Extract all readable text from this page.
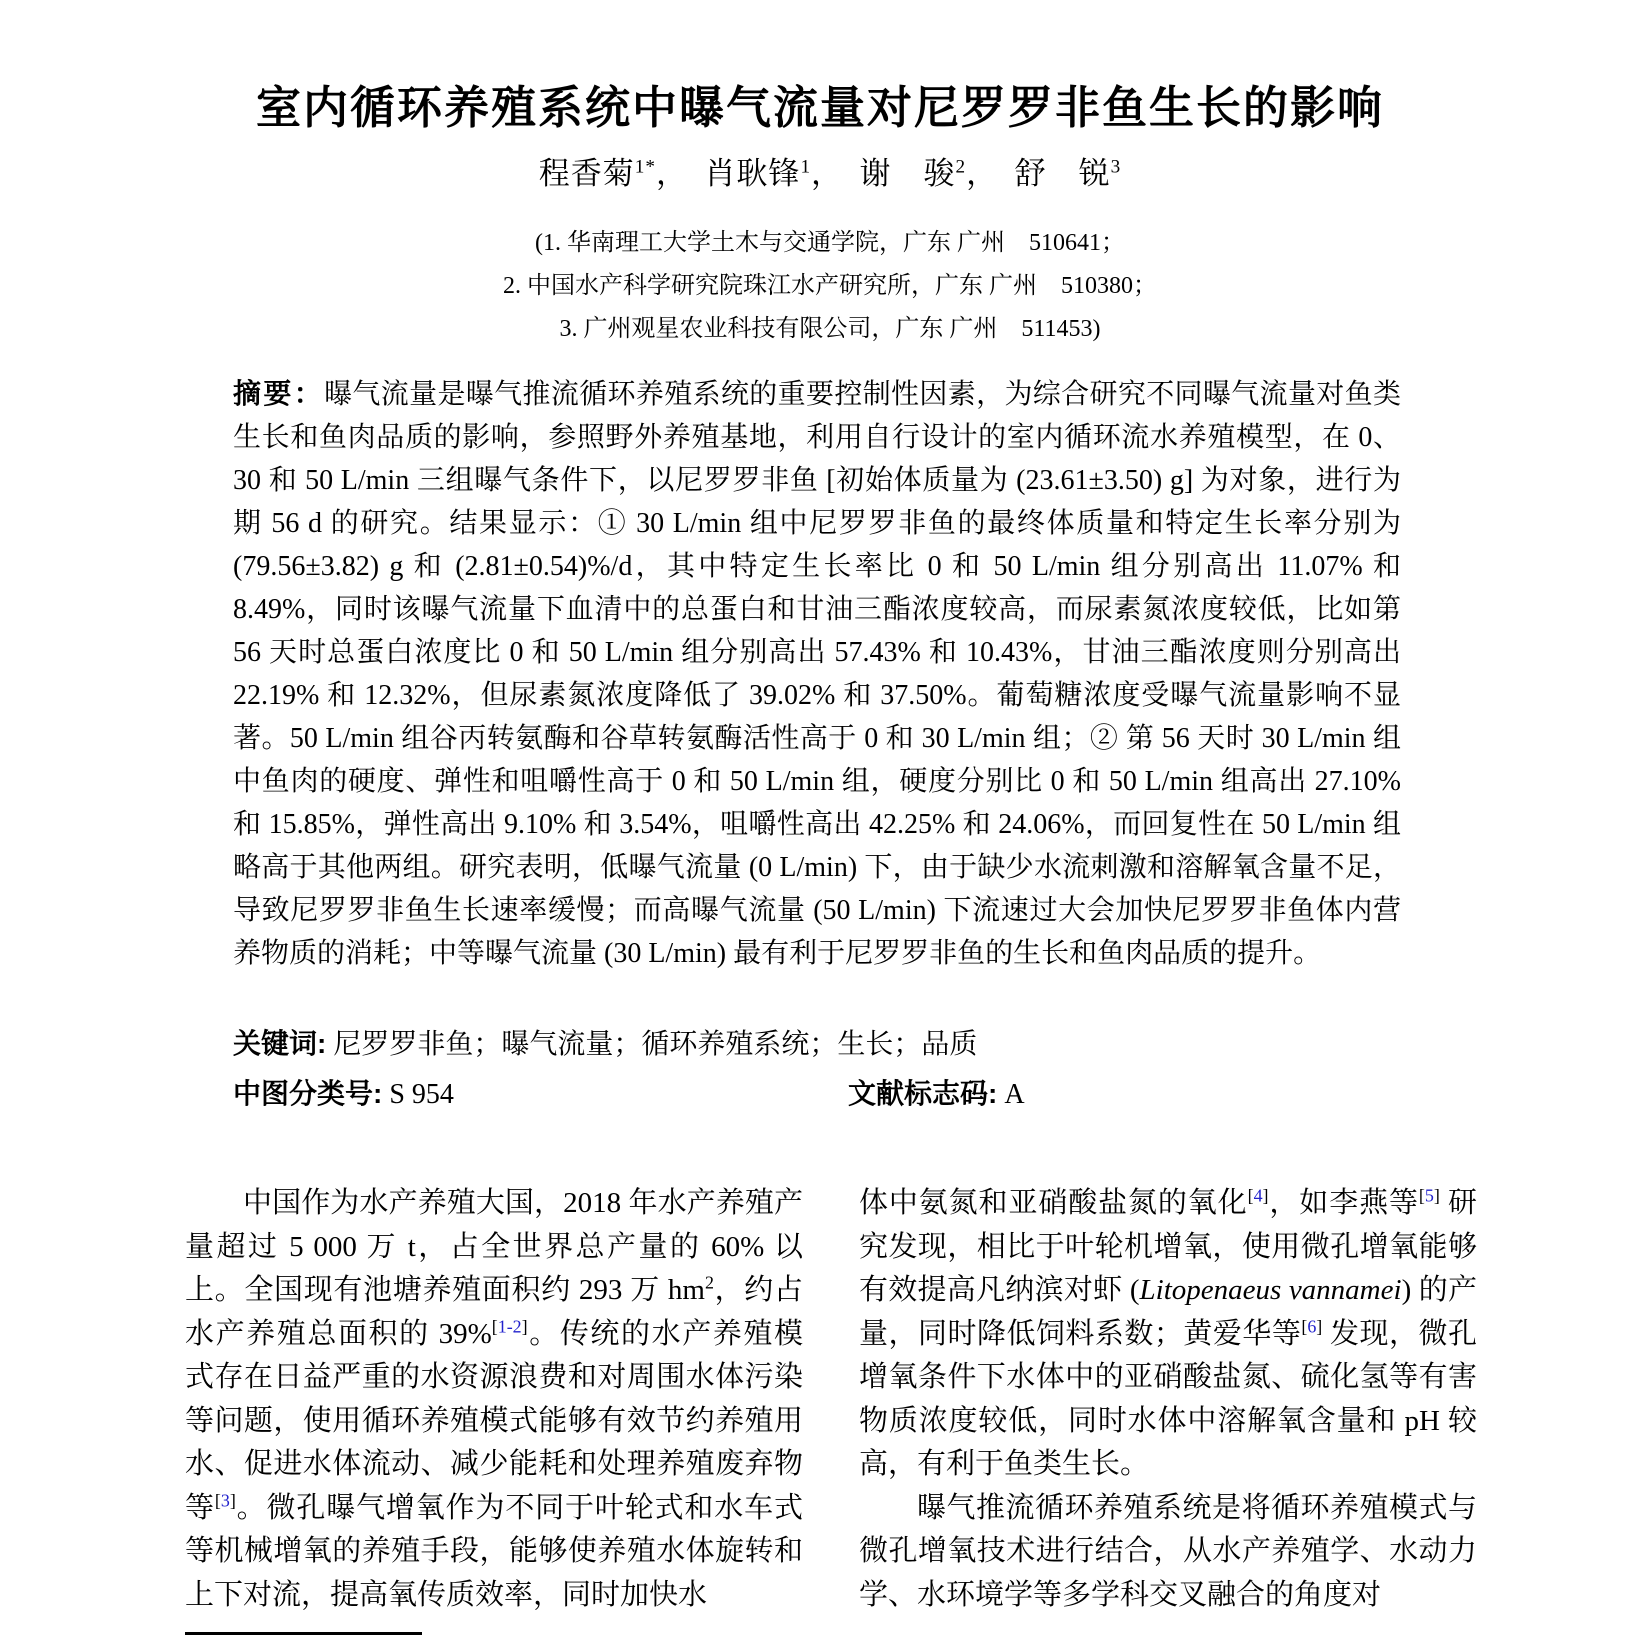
室内循环养殖系统中曝气流量对尼罗罗非鱼生长的影响
程香菊$^{1*}$，　肖耿锋$^1$，　谢　骏$^2$，　舒　锐$^3$
(1. 华南理工大学土木与交通学院，广东 广州　510641；
2. 中国水产科学研究院珠江水产研究所，广东 广州　510380；
3. 广州观星农业科技有限公司，广东 广州　511453)
摘要：曝气流量是曝气推流循环养殖系统的重要控制性因素，为综合研究不同曝气流量对鱼类生长和鱼肉品质的影响，参照野外养殖基地，利用自行设计的室内循环流水养殖模型，在 0、30 和 50 L/min 三组曝气条件下，以尼罗罗非鱼 [初始体质量为 (23.61±3.50) g] 为对象，进行为期 56 d 的研究。结果显示：① 30 L/min 组中尼罗罗非鱼的最终体质量和特定生长率分别为 (79.56±3.82) g 和 (2.81±0.54)%/d，其中特定生长率比 0 和 50 L/min 组分别高出 11.07% 和 8.49%，同时该曝气流量下血清中的总蛋白和甘油三酯浓度较高，而尿素氮浓度较低，比如第 56 天时总蛋白浓度比 0 和 50 L/min 组分别高出 57.43% 和 10.43%，甘油三酯浓度则分别高出 22.19% 和 12.32%，但尿素氮浓度降低了 39.02% 和 37.50%。葡萄糖浓度受曝气流量影响不显著。50 L/min 组谷丙转氨酶和谷草转氨酶活性高于 0 和 30 L/min 组；② 第 56 天时 30 L/min 组中鱼肉的硬度、弹性和咀嚼性高于 0 和 50 L/min 组，硬度分别比 0 和 50 L/min 组高出 27.10% 和 15.85%，弹性高出 9.10% 和 3.54%，咀嚼性高出 42.25% 和 24.06%，而回复性在 50 L/min 组略高于其他两组。研究表明，低曝气流量 (0 L/min) 下，由于缺少水流刺激和溶解氧含量不足，导致尼罗罗非鱼生长速率缓慢；而高曝气流量 (50 L/min) 下流速过大会加快尼罗罗非鱼体内营养物质的消耗；中等曝气流量 (30 L/min) 最有利于尼罗罗非鱼的生长和鱼肉品质的提升。
关键词: 尼罗罗非鱼；曝气流量；循环养殖系统；生长；品质
中图分类号: S 954	文献标志码: A

中国作为水产养殖大国，2018 年水产养殖产量超过 5 000 万 t，占全世界总产量的 60% 以上。全国现有池塘养殖面积约 293 万 $hm^2$，约占水产养殖总面积的 39%[1-2]。传统的水产养殖模式存在日益严重的水资源浪费和对周围水体污染等问题，使用循环养殖模式能够有效节约养殖用水、促进水体流动、减少能耗和处理养殖废弃物等[3]。微孔曝气增氧作为不同于叶轮式和水车式等机械增氧的养殖手段，能够使养殖水体旋转和上下对流，提高氧传质效率，同时加快水

体中氨氮和亚硝酸盐氮的氧化[4]，如李燕等[5] 研究发现，相比于叶轮机增氧，使用微孔增氧能够有效提高凡纳滨对虾 (Litopenaeus vannamei) 的产量，同时降低饲料系数；黄爱华等[6] 发现，微孔增氧条件下水体中的亚硝酸盐氮、硫化氢等有害物质浓度较低，同时水体中溶解氧含量和 pH 较高，有利于鱼类生长。

曝气推流循环养殖系统是将循环养殖模式与微孔增氧技术进行结合，从水产养殖学、水动力学、水环境学等多学科交叉融合的角度对
